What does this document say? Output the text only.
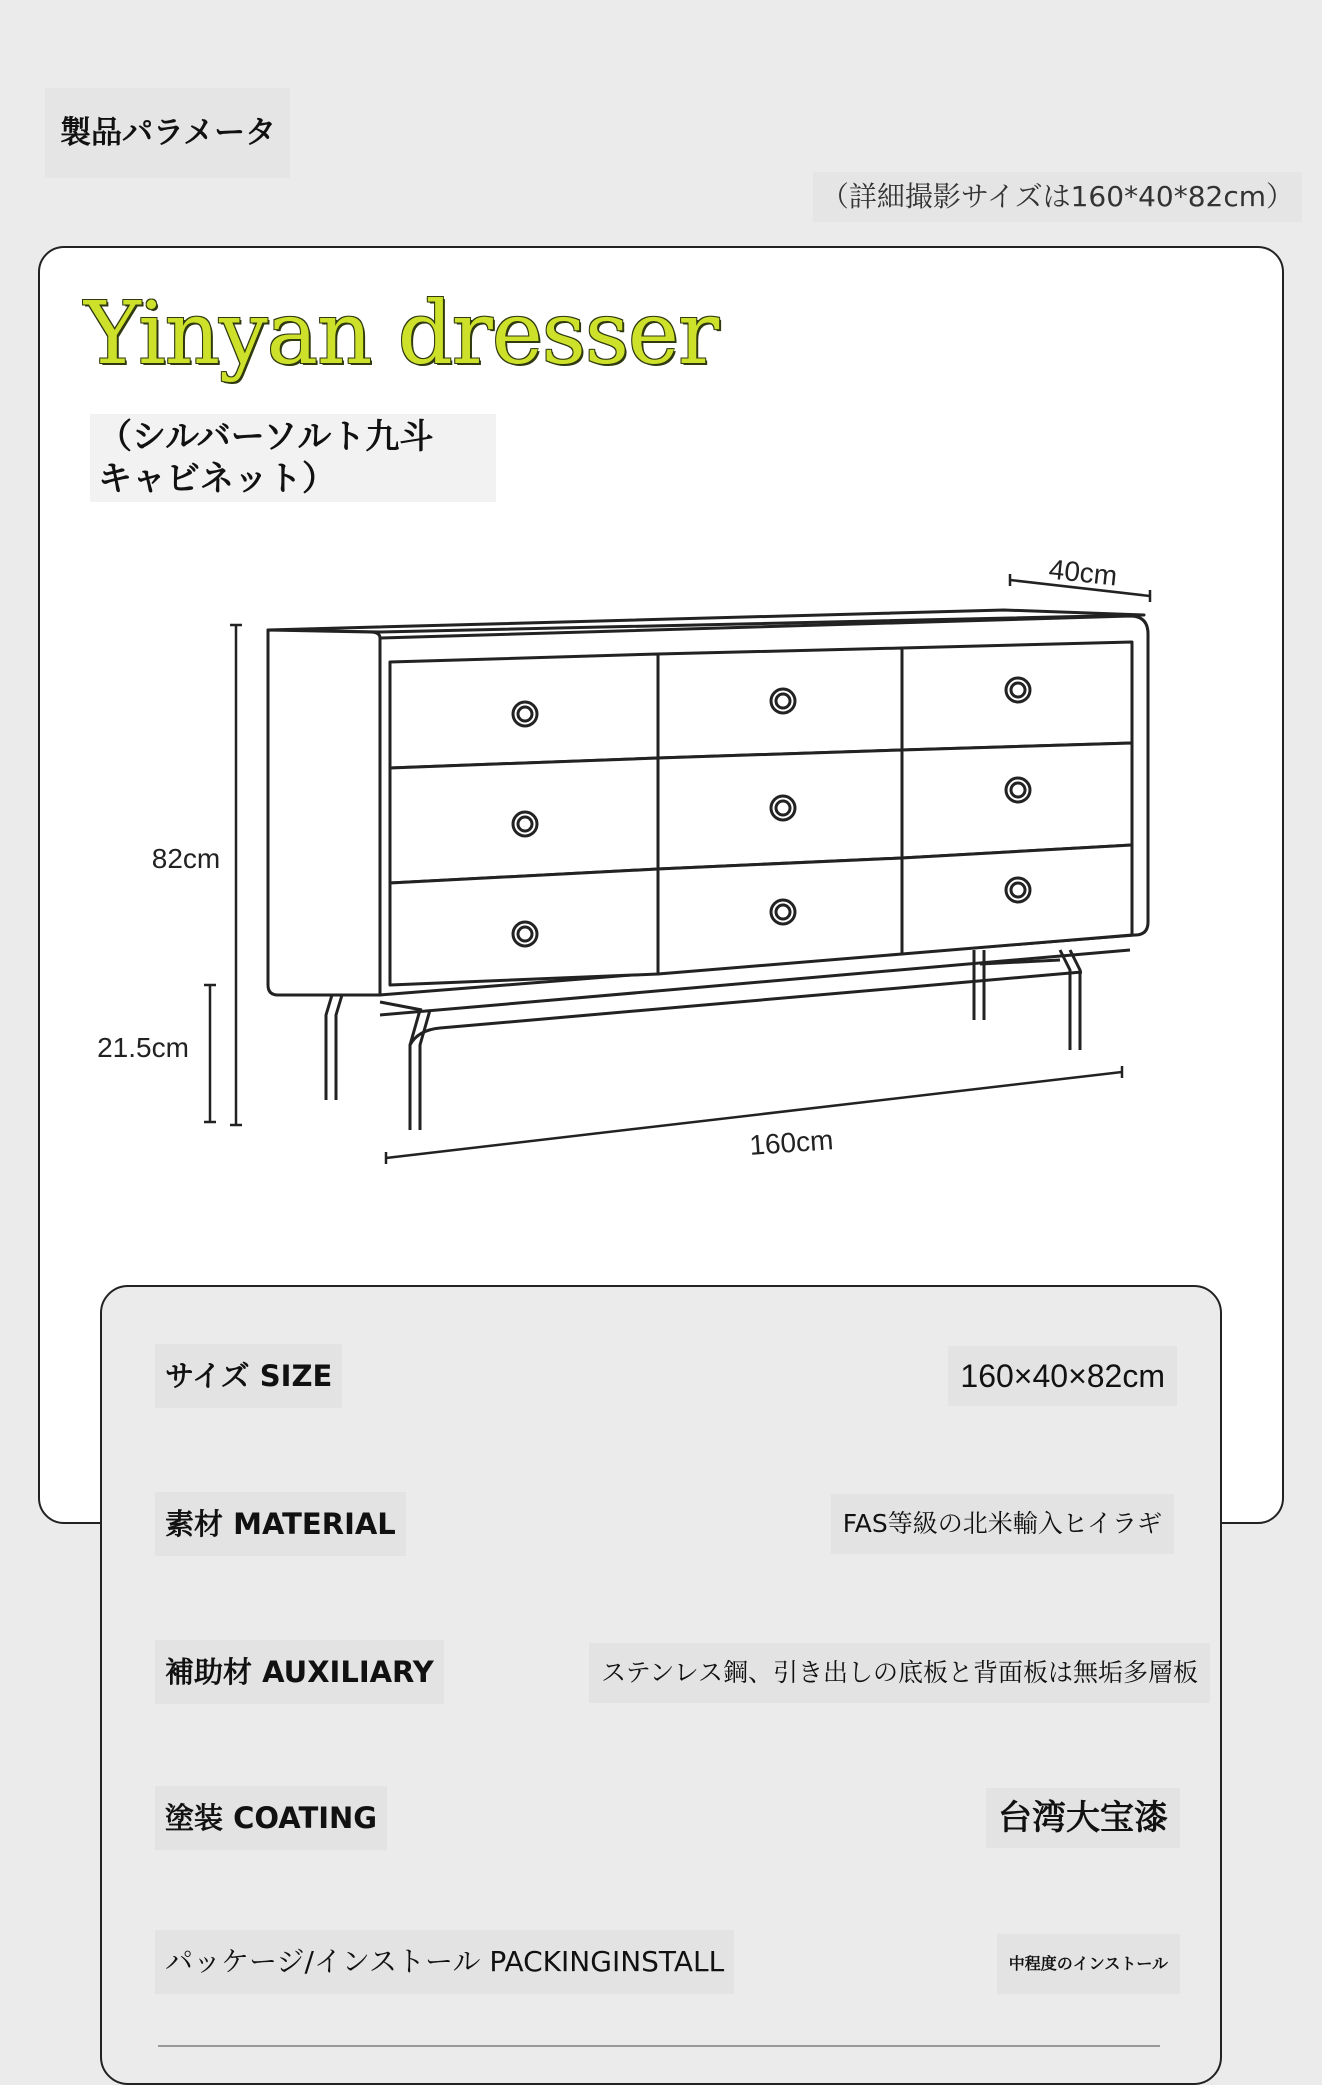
製品パラメータ
（詳細撮影サイズは160*40*82cm）
Yinyan dresser
（シルバーソルト九斗
キャビネット）
40cm
82cm
21.5cm
160cm
サイズ SIZE	160×40×82cm
素材 MATERIAL	FAS等級の北米輸入ヒイラギ
補助材 AUXILIARY	ステンレス鋼、引き出しの底板と背面板は無垢多層板
塗装 COATING	台湾大宝漆
パッケージ/インストール PACKINGINSTALL	中程度のインストール
